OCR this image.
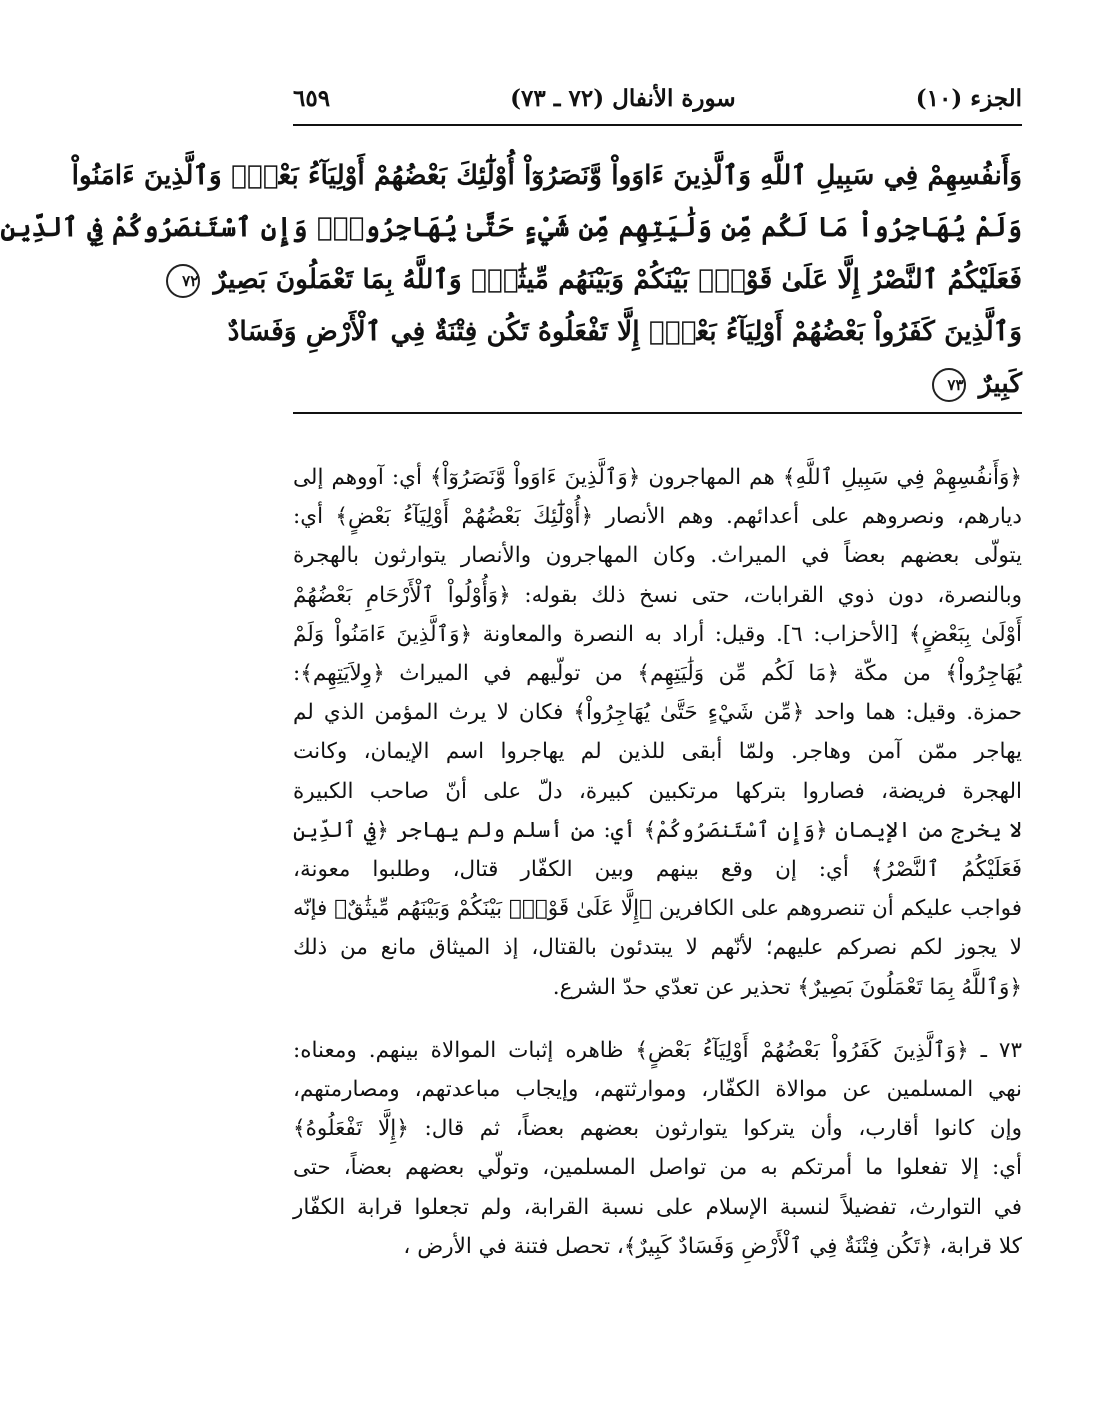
الجزء (١٠)
سورة الأنفال (٧٢ ـ ٧٣)
٦٥٩
وَأَنفُسِهِمْ فِي سَبِيلِ ٱللَّهِ وَٱلَّذِينَ ءَاوَواْ وَّنَصَرُوٓاْ أُوْلَٰٓئِكَ بَعْضُهُمْ أَوْلِيَآءُ بَعْضٍۚ وَٱلَّذِينَ ءَامَنُواْ
وَلَمْ يُهَاجِرُواْ مَا لَكُم مِّن وَلَٰيَتِهِم مِّن شَيْءٍ حَتَّىٰ يُهَاجِرُواْۚ وَإِنِ ٱسْتَنصَرُوكُمْ فِي ٱلدِّينِ
فَعَلَيْكُمُ ٱلنَّصْرُ إِلَّا عَلَىٰ قَوْمِۭ بَيْنَكُمْ وَبَيْنَهُم مِّيثَٰقٌۗ وَٱللَّهُ بِمَا تَعْمَلُونَ بَصِيرٌ ٧٢
وَٱلَّذِينَ كَفَرُواْ بَعْضُهُمْ أَوْلِيَآءُ بَعْضٍۚ إِلَّا تَفْعَلُوهُ تَكُن فِتْنَةٌ فِي ٱلْأَرْضِ وَفَسَادٌ
كَبِيرٌ ٧٣

﴿وَأَنفُسِهِمْ فِي سَبِيلِ ٱللَّهِ﴾ هم المهاجرون ﴿وَٱلَّذِينَ ءَاوَواْ وَّنَصَرُوٓاْ﴾ أي: آووهم إلى
ديارهم، ونصروهم على أعدائهم. وهم الأنصار ﴿أُوْلَٰٓئِكَ بَعْضُهُمْ أَوْلِيَآءُ بَعْضٍ﴾ أي:
يتولّى بعضهم بعضاً في الميراث. وكان المهاجرون والأنصار يتوارثون بالهجرة
وبالنصرة، دون ذوي القرابات، حتى نسخ ذلك بقوله: ﴿وَأُوْلُواْ ٱلْأَرْحَامِ بَعْضُهُمْ
أَوْلَىٰ بِبَعْضٍ﴾ [الأحزاب: ٦]. وقيل: أراد به النصرة والمعاونة ﴿وَٱلَّذِينَ ءَامَنُواْ وَلَمْ
يُهَاجِرُواْ﴾ من مكّة ﴿مَا لَكُم مِّن وَلَٰيَتِهِم﴾ من تولّيهم في الميراث ﴿وِلاَيَتِهِم﴾:
حمزة. وقيل: هما واحد ﴿مِّن شَيْءٍ حَتَّىٰ يُهَاجِرُواْ﴾ فكان لا يرث المؤمن الذي لم
يهاجر ممّن آمن وهاجر. ولمّا أبقى للذين لم يهاجروا اسم الإيمان، وكانت
الهجرة فريضة، فصاروا بتركها مرتكبين كبيرة، دلّ على أنّ صاحب الكبيرة
لا يخرج من الإيمان ﴿وَإِنِ ٱسْتَنصَرُوكُمْ﴾ أي: من أسلم ولم يهاجر ﴿فِي ٱلدِّينِ
فَعَلَيْكُمُ ٱلنَّصْرُ﴾ أي: إن وقع بينهم وبين الكفّار قتال، وطلبوا معونة،
فواجب عليكم أن تنصروهم على الكافرين ﴿إِلَّا عَلَىٰ قَوْمِۭ بَيْنَكُمْ وَبَيْنَهُم مِّيثَٰقٌ﴾ فإنّه
لا يجوز لكم نصركم عليهم؛ لأنّهم لا يبتدئون بالقتال، إذ الميثاق مانع من ذلك
﴿وَٱللَّهُ بِمَا تَعْمَلُونَ بَصِيرٌ﴾ تحذير عن تعدّي حدّ الشرع.

٧٣ ـ ﴿وَٱلَّذِينَ كَفَرُواْ بَعْضُهُمْ أَوْلِيَآءُ بَعْضٍ﴾ ظاهره إثبات الموالاة بينهم. ومعناه:
نهي المسلمين عن موالاة الكفّار، وموارثتهم، وإيجاب مباعدتهم، ومصارمتهم،
وإن كانوا أقارب، وأن يتركوا يتوارثون بعضهم بعضاً، ثم قال: ﴿إِلَّا تَفْعَلُوهُ﴾
أي: إلا تفعلوا ما أمرتكم به من تواصل المسلمين، وتولّي بعضهم بعضاً، حتى
في التوارث، تفضيلاً لنسبة الإسلام على نسبة القرابة، ولم تجعلوا قرابة الكفّار
كلا قرابة، ﴿تَكُن فِتْنَةٌ فِي ٱلْأَرْضِ وَفَسَادٌ كَبِيرٌ﴾، تحصل فتنة في الأرض ،
